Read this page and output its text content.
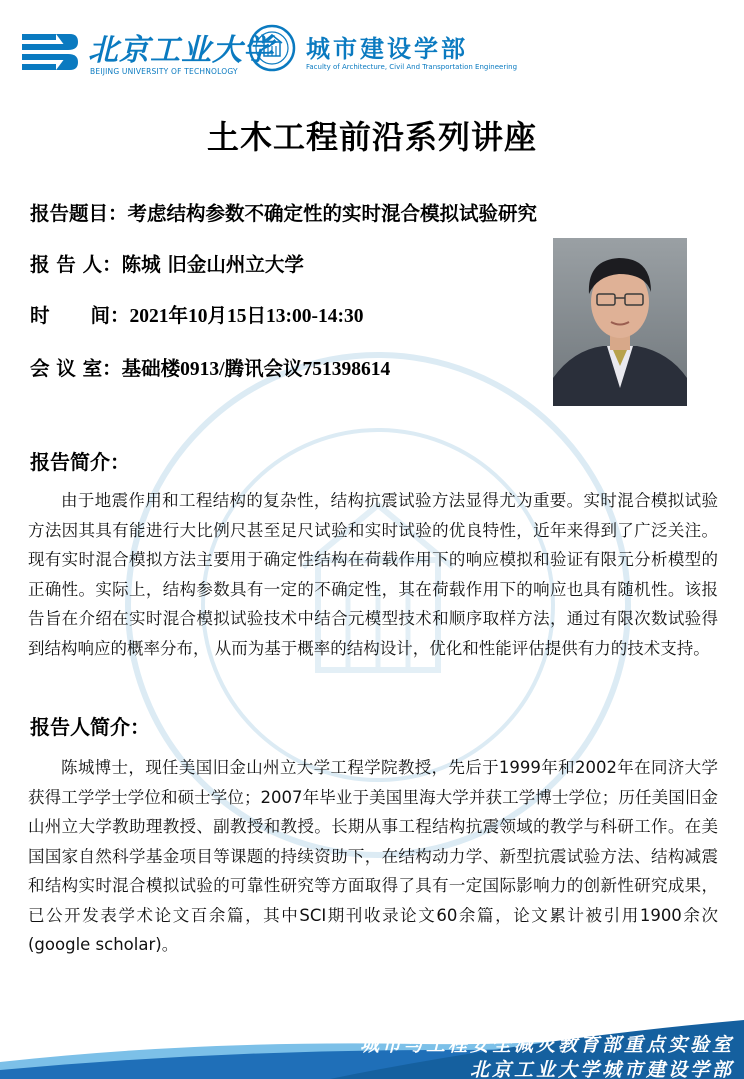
北京工业大学
BEIJING UNIVERSITY OF TECHNOLOGY
城市建设学部
Faculty of Architecture, Civil And Transportation Engineering
土木工程前沿系列讲座
报告题目：考虑结构参数不确定性的实时混合模拟试验研究
报 告 人：陈城 旧金山州立大学
时 间：2021年10月15日13:00-14:30
会 议 室：基础楼0913/腾讯会议751398614
报告简介：
由于地震作用和工程结构的复杂性，结构抗震试验方法显得尤为重要。实时混合模拟试验方法因其具有能进行大比例尺甚至足尺试验和实时试验的优良特性，近年来得到了广泛关注。现有实时混合模拟方法主要用于确定性结构在荷载作用下的响应模拟和验证有限元分析模型的正确性。实际上，结构参数具有一定的不确定性，其在荷载作用下的响应也具有随机性。该报告旨在介绍在实时混合模拟试验技术中结合元模型技术和顺序取样方法，通过有限次数试验得到结构响应的概率分布， 从而为基于概率的结构设计，优化和性能评估提供有力的技术支持。
报告人简介：
陈城博士，现任美国旧金山州立大学工程学院教授，先后于1999年和2002年在同济大学获得工学学士学位和硕士学位；2007年毕业于美国里海大学并获工学博士学位；历任美国旧金山州立大学教助理教授、副教授和教授。长期从事工程结构抗震领域的教学与科研工作。在美国国家自然科学基金项目等课题的持续资助下，在结构动力学、新型抗震试验方法、结构减震和结构实时混合模拟试验的可靠性研究等方面取得了具有一定国际影响力的创新性研究成果，已公开发表学术论文百余篇，其中SCI期刊收录论文60余篇，论文累计被引用1900余次(google scholar)。
城市与工程安全减灾教育部重点实验室
北京工业大学城市建设学部
